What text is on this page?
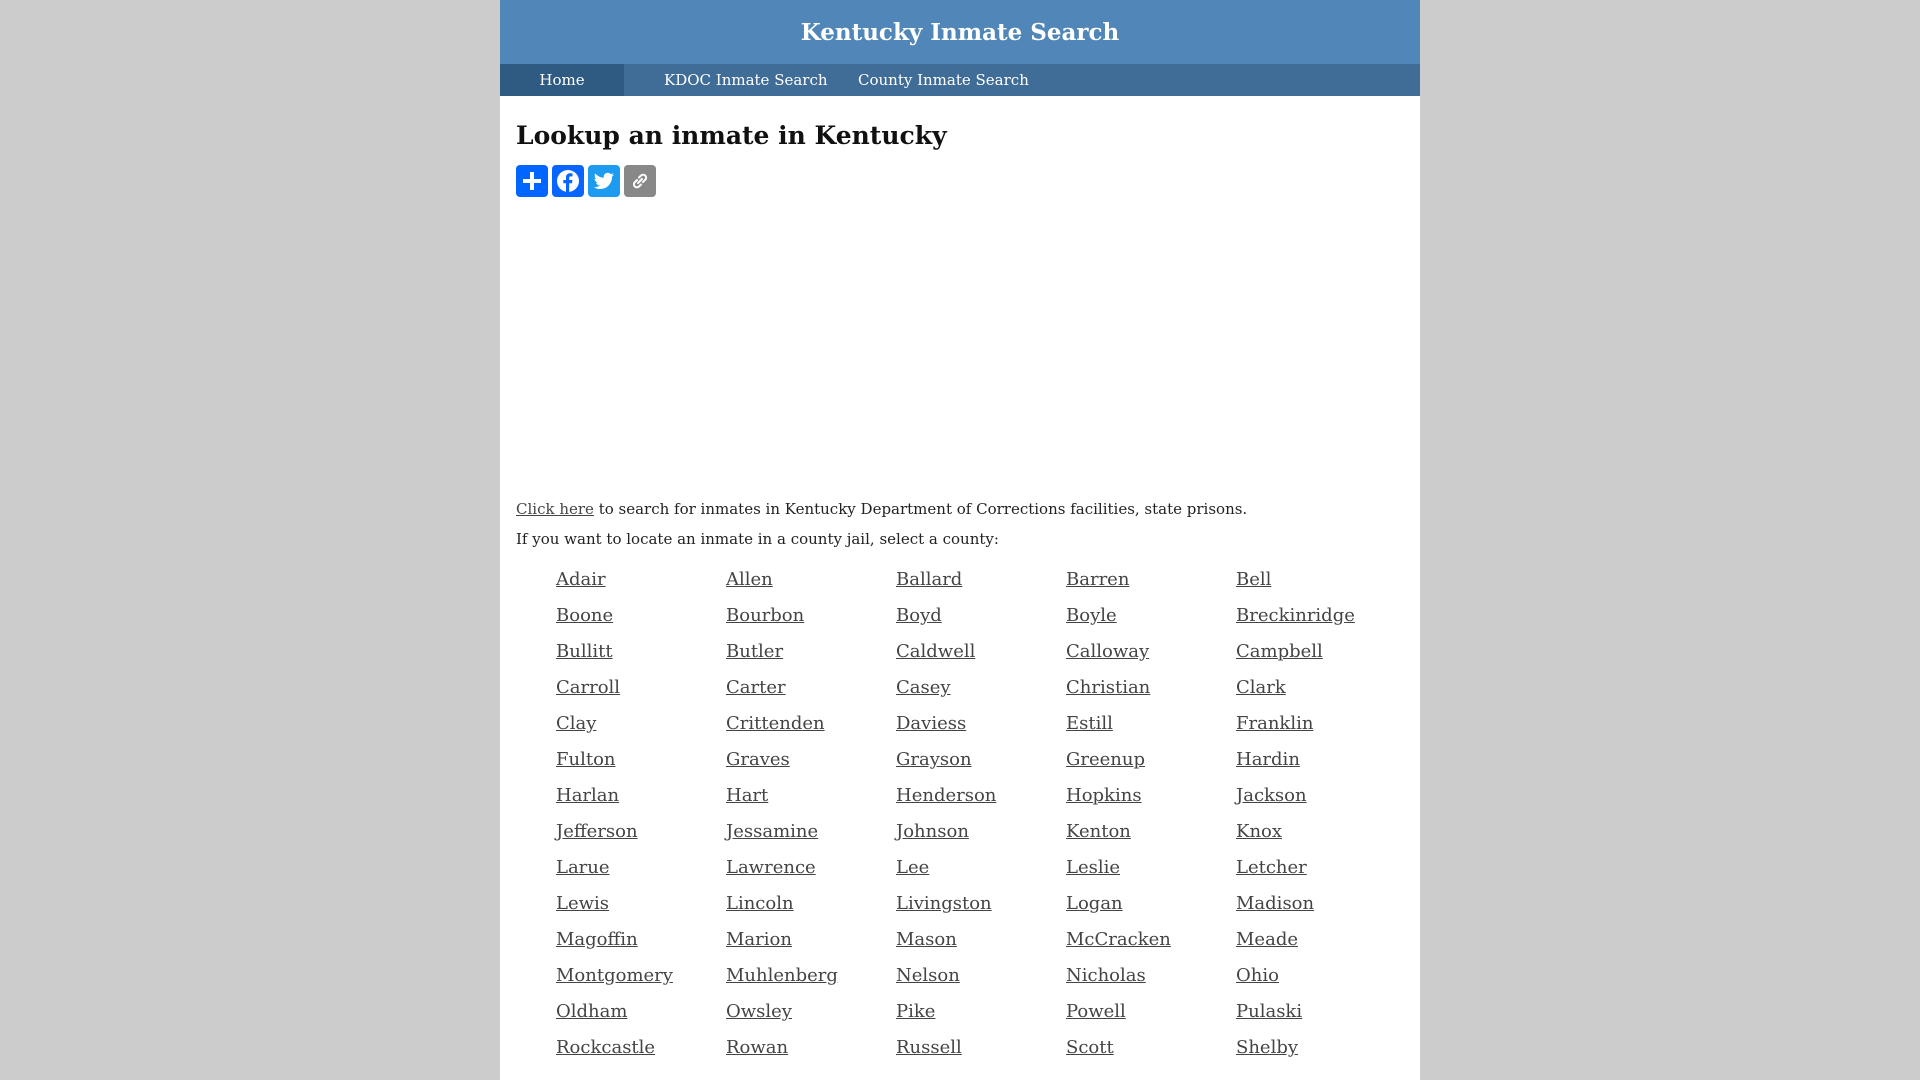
Kentucky Inmate Search
Home	KDOC Inmate Search	County Inmate Search
Lookup an inmate in Kentucky

Click here to search for inmates in Kentucky Department of Corrections facilities, state prisons.

If you want to locate an inmate in a county jail, select a county:

Adair	Allen	Ballard	Barren	Bell
Boone	Bourbon	Boyd	Boyle	Breckinridge
Bullitt	Butler	Caldwell	Calloway	Campbell
Carroll	Carter	Casey	Christian	Clark
Clay	Crittenden	Daviess	Estill	Franklin
Fulton	Graves	Grayson	Greenup	Hardin
Harlan	Hart	Henderson	Hopkins	Jackson
Jefferson	Jessamine	Johnson	Kenton	Knox
Larue	Lawrence	Lee	Leslie	Letcher
Lewis	Lincoln	Livingston	Logan	Madison
Magoffin	Marion	Mason	McCracken	Meade
Montgomery	Muhlenberg	Nelson	Nicholas	Ohio
Oldham	Owsley	Pike	Powell	Pulaski
Rockcastle	Rowan	Russell	Scott	Shelby
